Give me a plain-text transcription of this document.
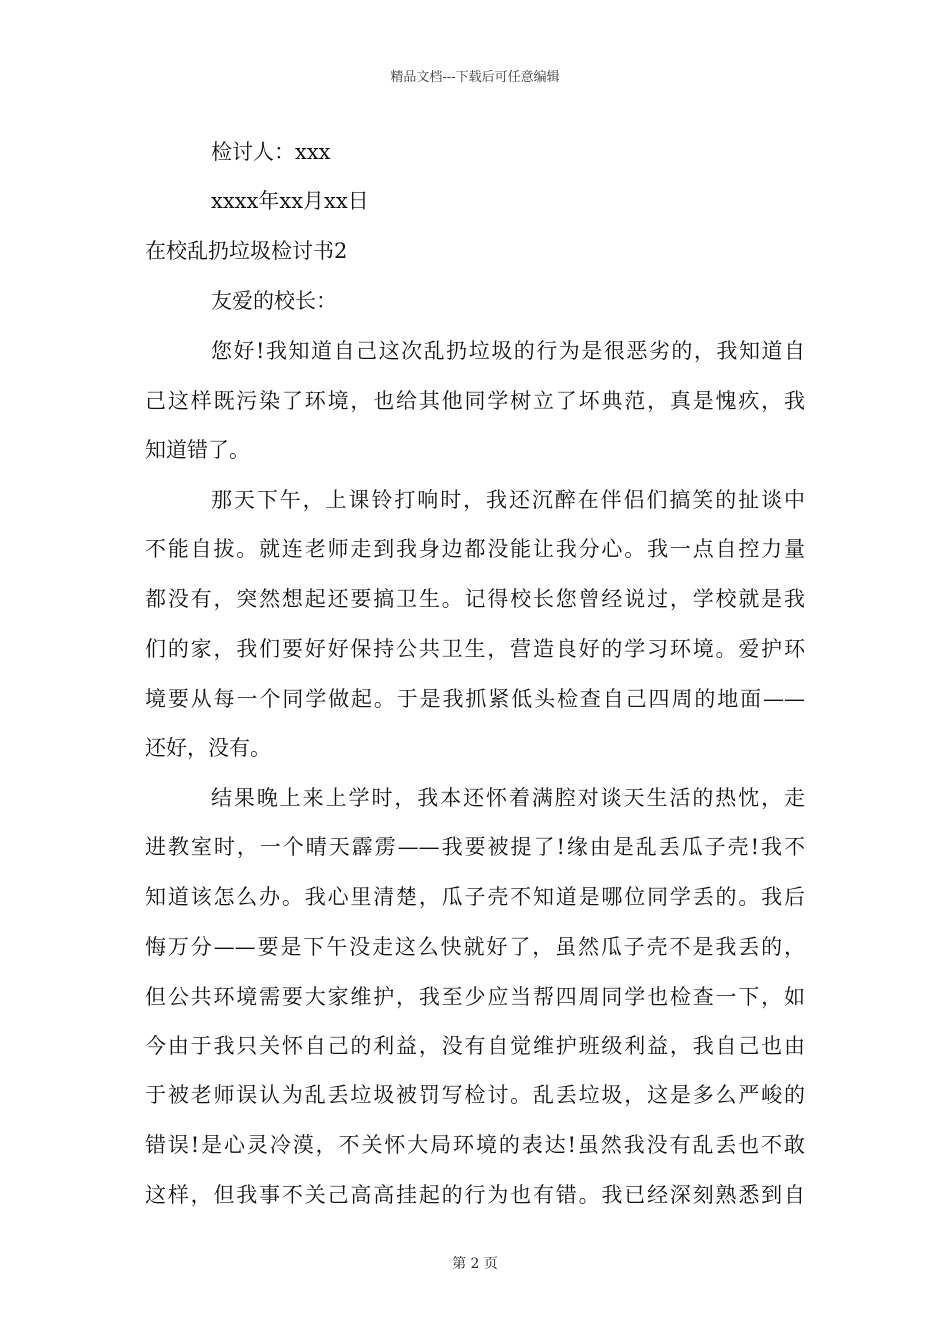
精品文档---下载后可任意编辑
检讨人：xxx
xxxx年xx月xx日
在校乱扔垃圾检讨书2
友爱的校长：
您好!我知道自己这次乱扔垃圾的行为是很恶劣的，我知道自
己这样既污染了环境，也给其他同学树立了坏典范，真是愧疚，我
知道错了。
那天下午，上课铃打响时，我还沉醉在伴侣们搞笑的扯谈中
不能自拔。就连老师走到我身边都没能让我分心。我一点自控力量
都没有，突然想起还要搞卫生。记得校长您曾经说过，学校就是我
们的家，我们要好好保持公共卫生，营造良好的学习环境。爱护环
境要从每一个同学做起。于是我抓紧低头检查自己四周的地面——
还好，没有。
结果晚上来上学时，我本还怀着满腔对谈天生活的热忱，走
进教室时，一个晴天霹雳——我要被提了!缘由是乱丢瓜子壳!我不
知道该怎么办。我心里清楚，瓜子壳不知道是哪位同学丢的。我后
悔万分——要是下午没走这么快就好了，虽然瓜子壳不是我丢的，
但公共环境需要大家维护，我至少应当帮四周同学也检查一下，如
今由于我只关怀自己的利益，没有自觉维护班级利益，我自己也由
于被老师误认为乱丢垃圾被罚写检讨。乱丢垃圾，这是多么严峻的
错误!是心灵冷漠，不关怀大局环境的表达!虽然我没有乱丢也不敢
这样，但我事不关己高高挂起的行为也有错。我已经深刻熟悉到自
第 2 页
